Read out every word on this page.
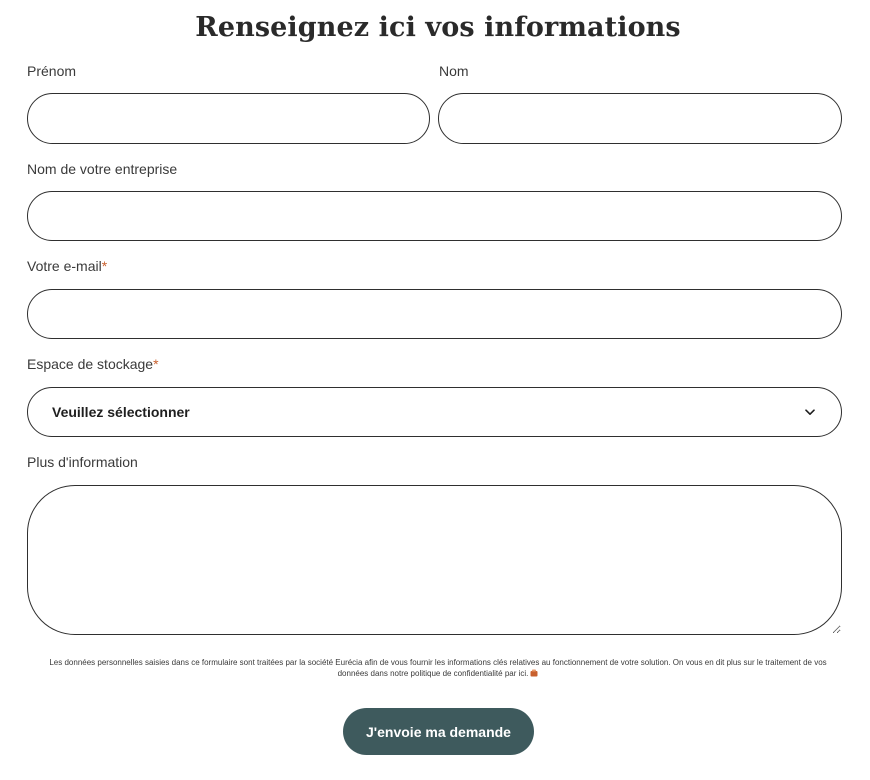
Renseignez ici vos informations
Prénom	Nom
Nom de votre entreprise
Votre e-mail*
Espace de stockage*
Veuillez sélectionner
Plus d'information
Les données personnelles saisies dans ce formulaire sont traitées par la société Eurécia afin de vous fournir les informations clés relatives au fonctionnement de votre solution. On vous en dit plus sur le traitement de vos données dans notre politique de confidentialité par ici.
J'envoie ma demande
